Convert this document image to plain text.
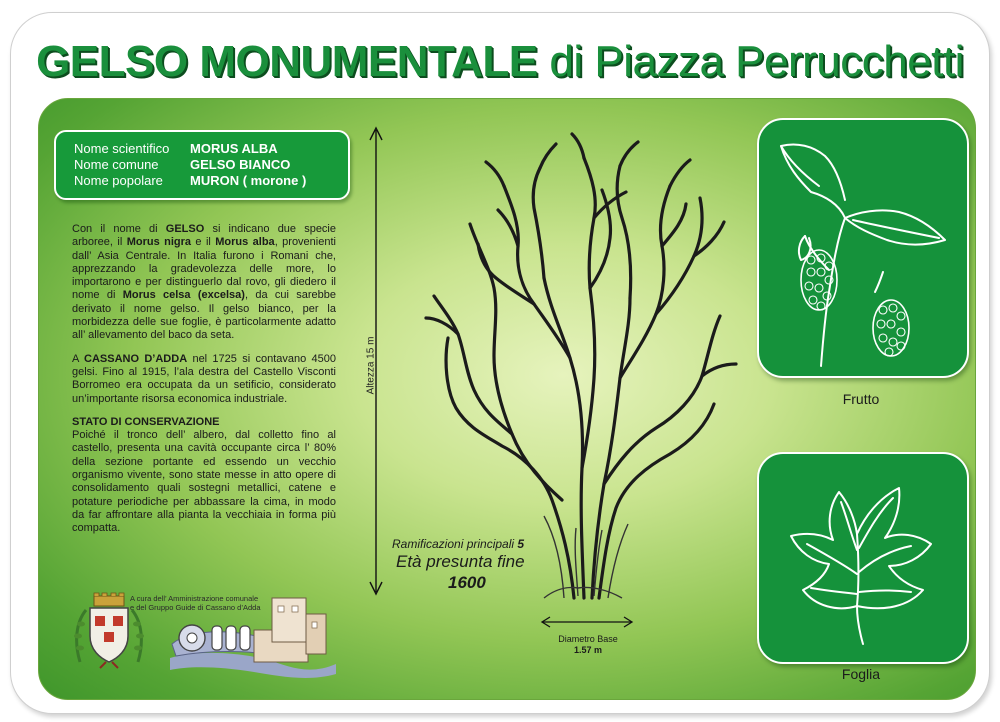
GELSO MONUMENTALE di Piazza Perrucchetti
Nome scientifico MORUS ALBA
Nome comune GELSO BIANCO
Nome popolare MURON ( morone )

Con il nome di GELSO si indicano due specie arboree, il Morus nigra e il Morus alba, provenienti dall’ Asia Centrale. In Italia furono i Romani che, apprezzando la gradevolezza delle more, lo importarono e per distinguerlo dal rovo, gli diedero il nome di Morus celsa (excelsa), da cui sarebbe derivato il nome gelso. Il gelso bianco, per la morbidezza delle sue foglie, è particolarmente adatto all’ allevamento del baco da seta.

A CASSANO D’ADDA nel 1725 si contavano 4500 gelsi. Fino al 1915, l’ala destra del Castello Visconti Borromeo era occupata da un setificio, considerato un’importante risorsa economica industriale.

STATO DI CONSERVAZIONE
Poiché il tronco dell’ albero, dal colletto fino al castello, presenta una cavità occupante circa l’ 80% della sezione portante ed essendo un vecchio organismo vivente, sono state messe in atto opere di consolidamento quali sostegni metallici, catene e potature periodiche per abbassare la cima, in modo da far affrontare alla pianta la vecchiaia in forma più compatta.

A cura dell’ Amministrazione comunale
e del Gruppo Guide di Cassano d’Adda
Altezza 15 m
Ramificazioni principali 5
Età presunta fine
1600
Diametro Base
1.57 m
Frutto
Foglia
